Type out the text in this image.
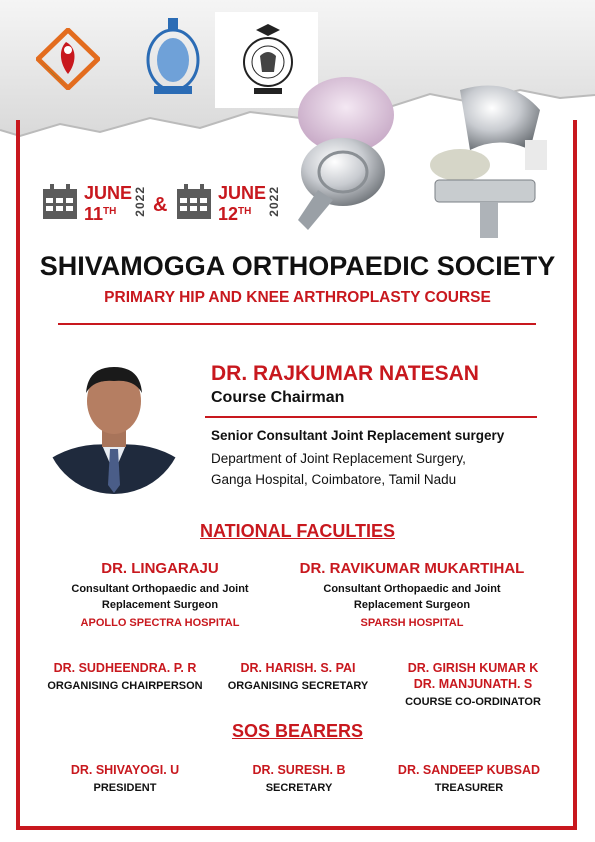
JUNE
11TH 2022 &
JUNE
12TH 2022
SHIVAMOGGA ORTHOPAEDIC SOCIETY
PRIMARY HIP AND KNEE ARTHROPLASTY COURSE
DR. RAJKUMAR NATESAN
Course Chairman
Senior Consultant Joint Replacement surgery
Department of Joint Replacement Surgery,
Ganga Hospital, Coimbatore, Tamil Nadu
NATIONAL FACULTIES
DR. LINGARAJU
Consultant Orthopaedic and Joint
Replacement Surgeon
APOLLO SPECTRA HOSPITAL
DR. RAVIKUMAR MUKARTIHAL
Consultant Orthopaedic and Joint
Replacement Surgeon
SPARSH HOSPITAL
DR. SUDHEENDRA. P. R
ORGANISING CHAIRPERSON
DR. HARISH. S. PAI
ORGANISING SECRETARY
DR. GIRISH KUMAR K
DR. MANJUNATH. S
COURSE CO-ORDINATOR
SOS BEARERS
DR. SHIVAYOGI. U
PRESIDENT
DR. SURESH. B
SECRETARY
DR. SANDEEP KUBSAD
TREASURER
